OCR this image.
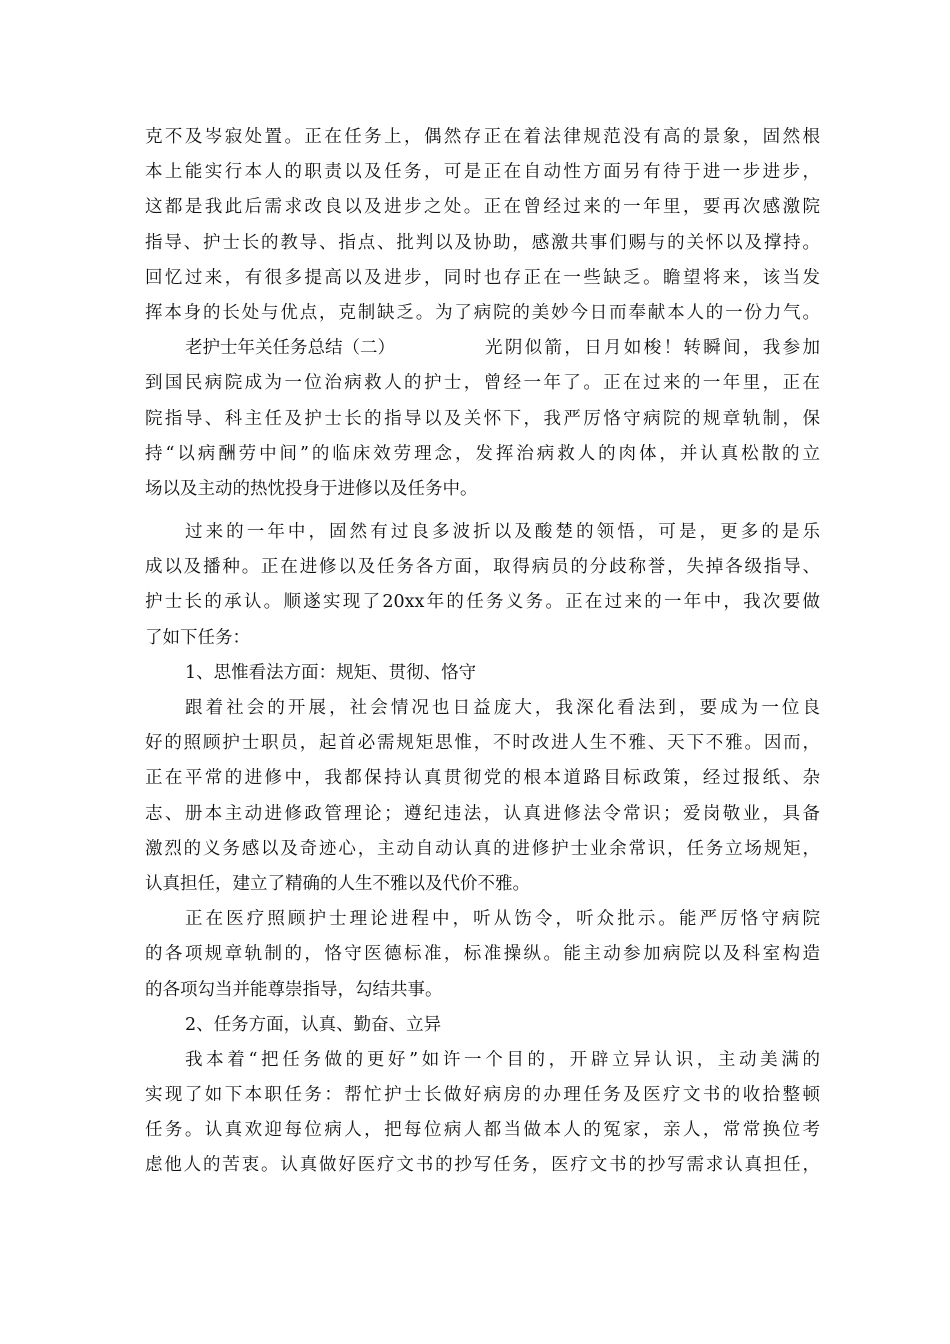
克不及岑寂处置。正在任务上，偶然存正在着法律规范没有高的景象，固然根
本上能实行本人的职责以及任务，可是正在自动性方面另有待于进一步进步，
这都是我此后需求改良以及进步之处。正在曾经过来的一年里，要再次感激院
指导、护士长的教导、指点、批判以及协助，感激共事们赐与的关怀以及撑持。
回忆过来，有很多提高以及进步，同时也存正在一些缺乏。瞻望将来，该当发
挥本身的长处与优点，克制缺乏。为了病院的美妙今日而奉献本人的一份力气。
老护士年关任务总结（二）	光阴似箭，日月如梭！转瞬间，我参加
到国民病院成为一位治病救人的护士，曾经一年了。正在过来的一年里，正在
院指导、科主任及护士长的指导以及关怀下，我严厉恪守病院的规章轨制，保
持“以病酬劳中间”的临床效劳理念，发挥治病救人的肉体，并认真松散的立
场以及主动的热忱投身于进修以及任务中。
过来的一年中，固然有过良多波折以及酸楚的领悟，可是，更多的是乐
成以及播种。正在进修以及任务各方面，取得病员的分歧称誉，失掉各级指导、
护士长的承认。顺遂实现了20xx年的任务义务。正在过来的一年中，我次要做
了如下任务：
1、思惟看法方面：规矩、贯彻、恪守
跟着社会的开展，社会情况也日益庞大，我深化看法到，要成为一位良
好的照顾护士职员，起首必需规矩思惟，不时改进人生不雅、天下不雅。因而，
正在平常的进修中，我都保持认真贯彻党的根本道路目标政策，经过报纸、杂
志、册本主动进修政管理论；遵纪违法，认真进修法令常识；爱岗敬业，具备
激烈的义务感以及奇迹心，主动自动认真的进修护士业余常识，任务立场规矩，
认真担任，建立了精确的人生不雅以及代价不雅。
正在医疗照顾护士理论进程中，听从饬令，听众批示。能严厉恪守病院
的各项规章轨制的，恪守医德标准，标准操纵。能主动参加病院以及科室构造
的各项勾当并能尊崇指导，勾结共事。
2、任务方面，认真、勤奋、立异
我本着“把任务做的更好”如许一个目的，开辟立异认识，主动美满的
实现了如下本职任务：帮忙护士长做好病房的办理任务及医疗文书的收拾整顿
任务。认真欢迎每位病人，把每位病人都当做本人的冤家，亲人，常常换位考
虑他人的苦衷。认真做好医疗文书的抄写任务，医疗文书的抄写需求认真担任，
